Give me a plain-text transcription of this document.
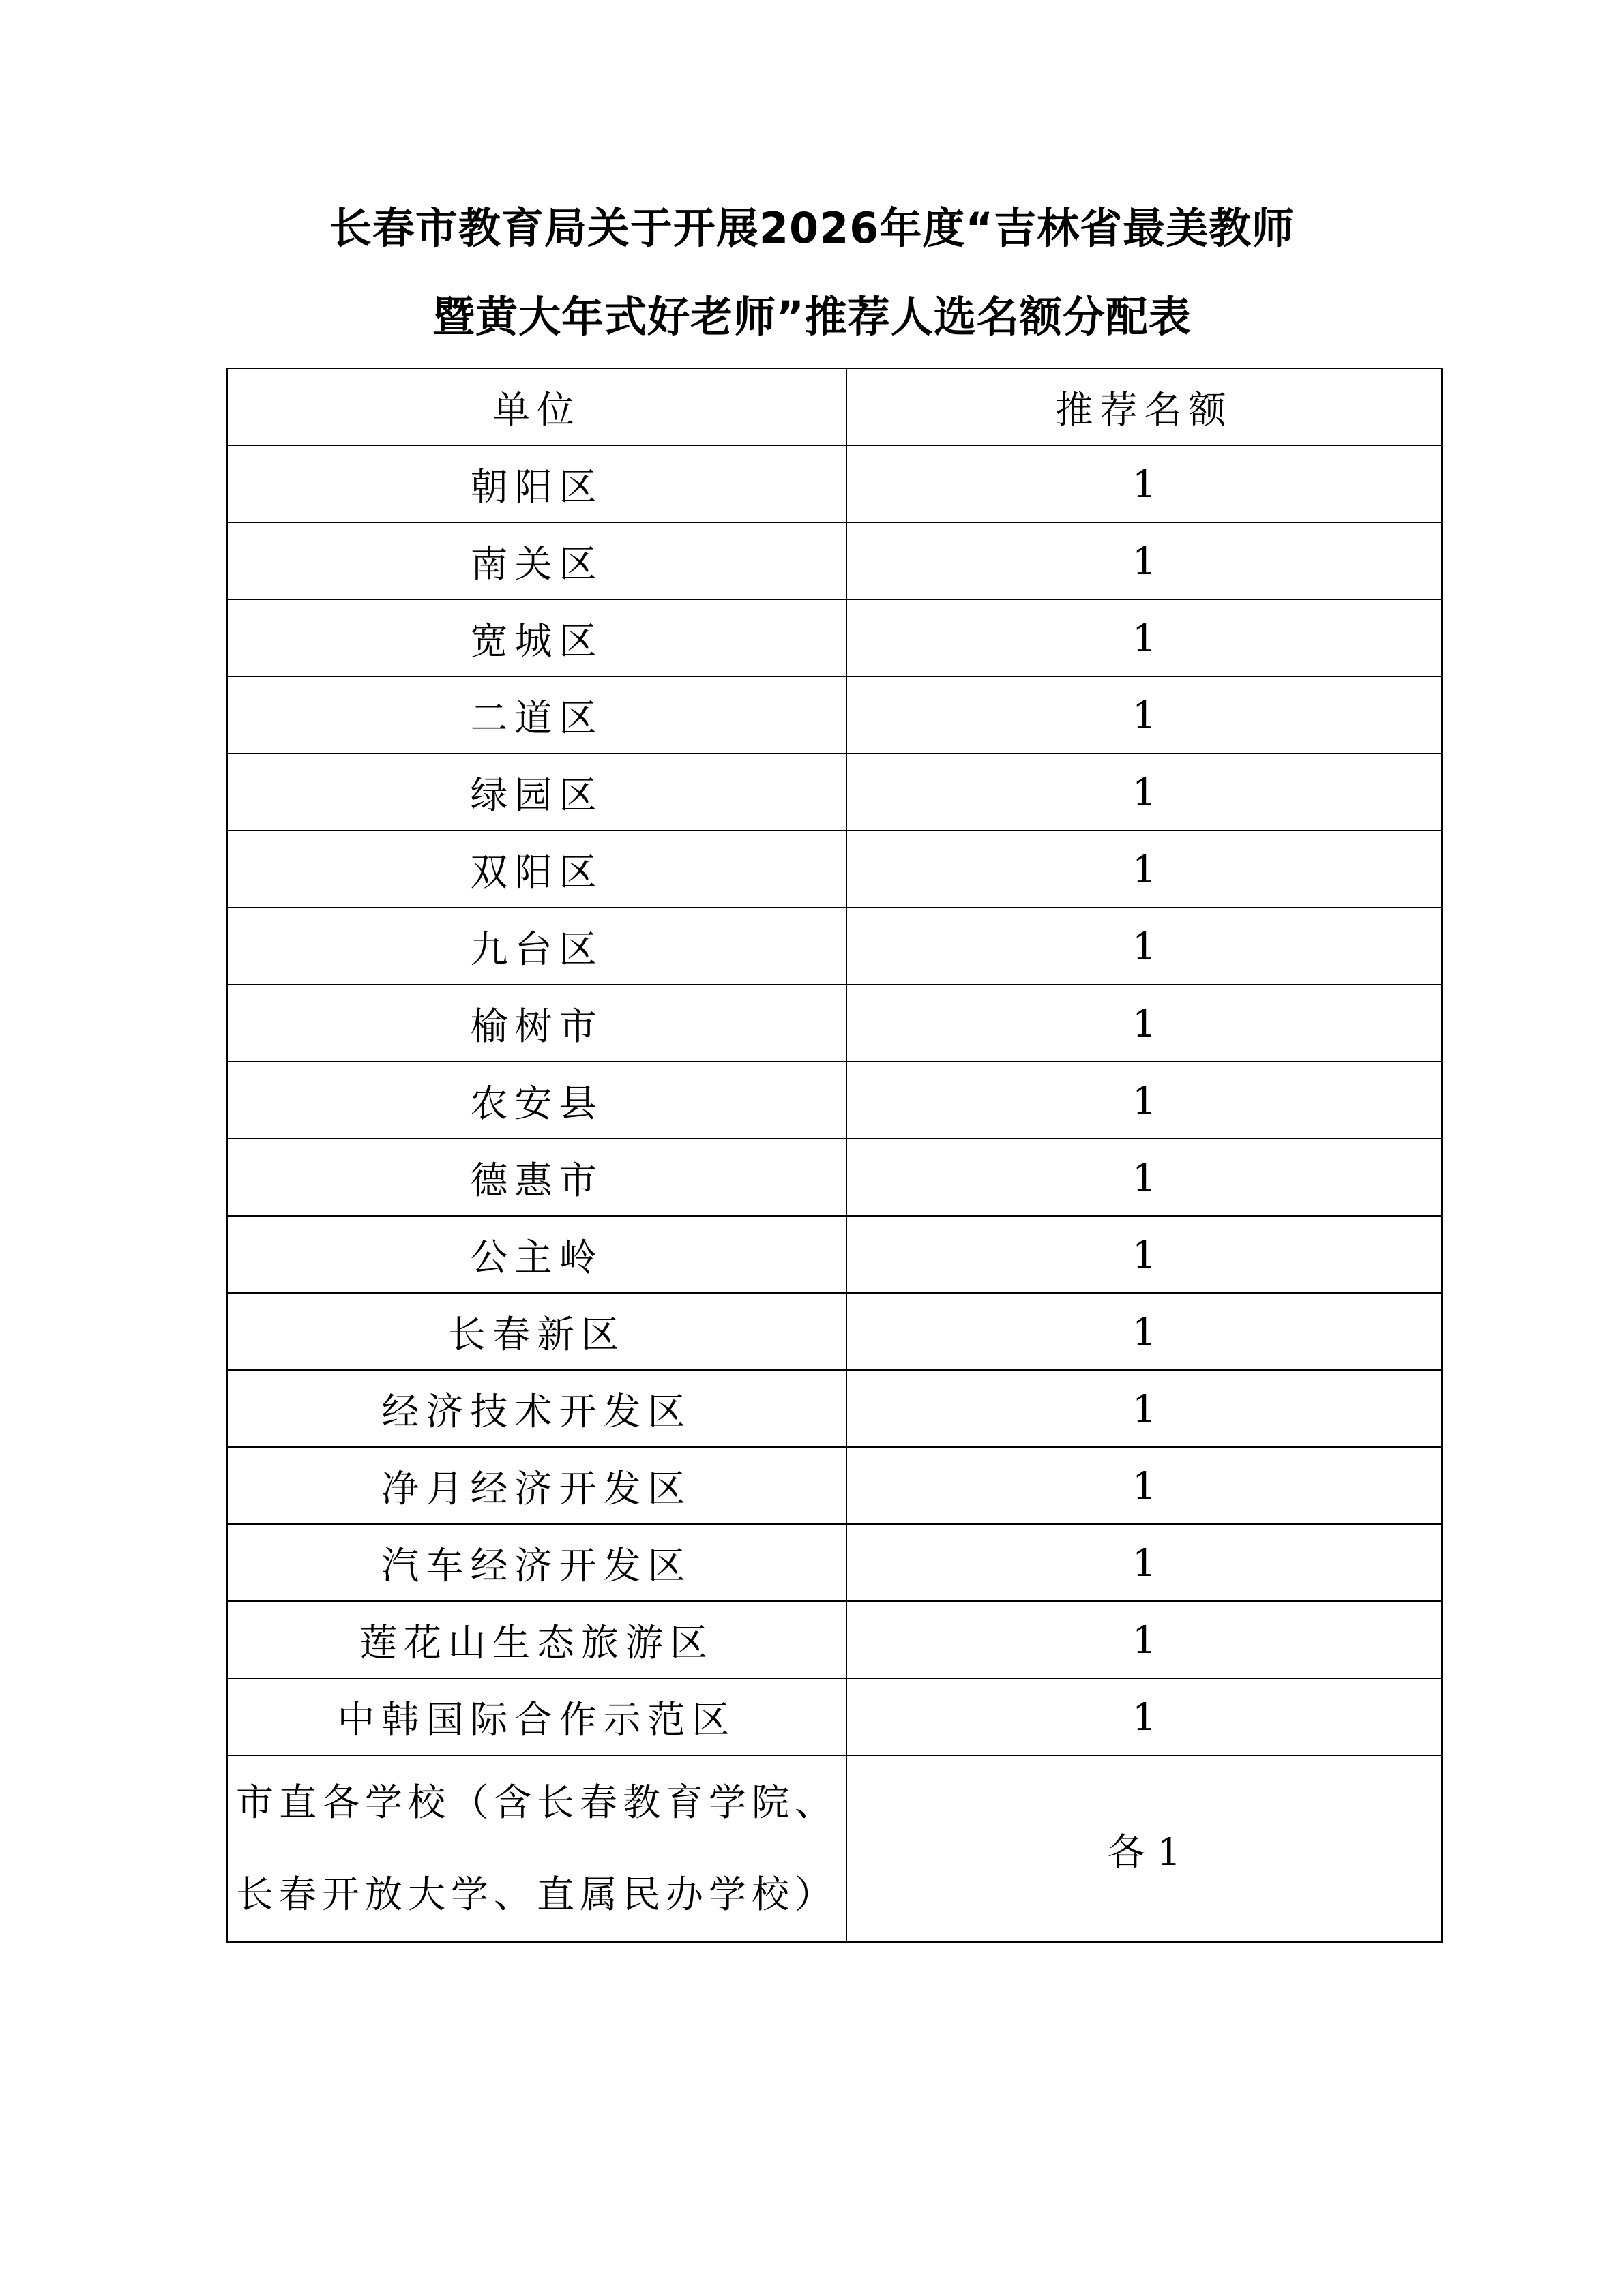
长春市教育局关于开展2026年度“吉林省最美教师
暨黄大年式好老师”推荐人选名额分配表
单位	推荐名额
朝阳区	1
南关区	1
宽城区	1
二道区	1
绿园区	1
双阳区	1
九台区	1
榆树市	1
农安县	1
德惠市	1
公主岭	1
长春新区	1
经济技术开发区	1
净月经济开发区	1
汽车经济开发区	1
莲花山生态旅游区	1
中韩国际合作示范区	1

市直各学校（含长春教育学院、
长春开放大学、直属民办学校）	各 1
